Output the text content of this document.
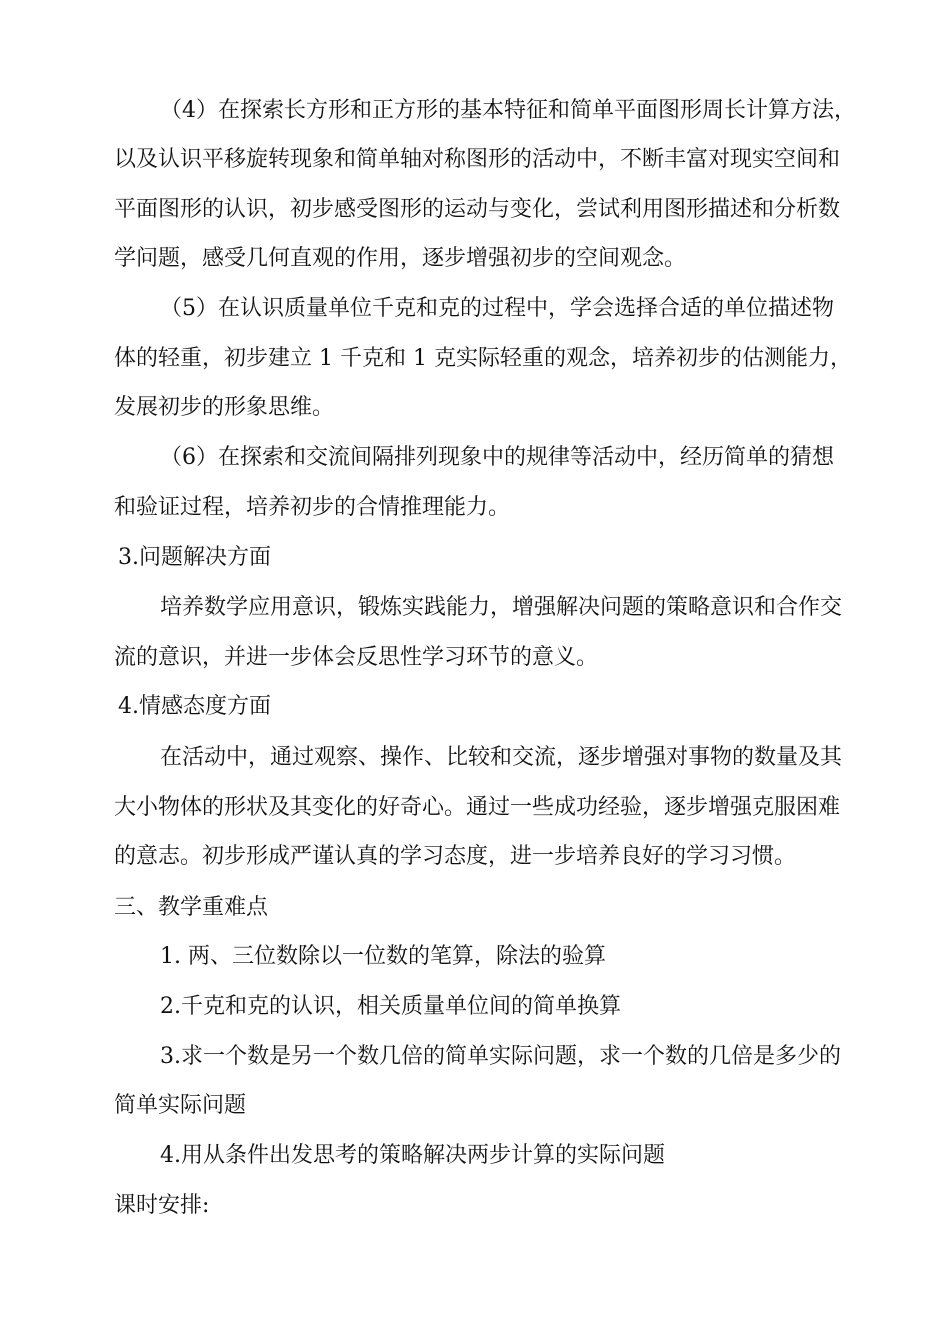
（4）在探索长方形和正方形的基本特征和简单平面图形周长计算方法，
以及认识平移旋转现象和简单轴对称图形的活动中，不断丰富对现实空间和
平面图形的认识，初步感受图形的运动与变化，尝试利用图形描述和分析数
学问题，感受几何直观的作用，逐步增强初步的空间观念。
（5）在认识质量单位千克和克的过程中，学会选择合适的单位描述物
体的轻重，初步建立 1 千克和 1 克实际轻重的观念，培养初步的估测能力，
发展初步的形象思维。
（6）在探索和交流间隔排列现象中的规律等活动中，经历简单的猜想
和验证过程，培养初步的合情推理能力。
3.问题解决方面
培养数学应用意识，锻炼实践能力，增强解决问题的策略意识和合作交
流的意识，并进一步体会反思性学习环节的意义。
4.情感态度方面
在活动中，通过观察、操作、比较和交流，逐步增强对事物的数量及其
大小物体的形状及其变化的好奇心。通过一些成功经验，逐步增强克服困难
的意志。初步形成严谨认真的学习态度，进一步培养良好的学习习惯。
三、教学重难点
1. 两、三位数除以一位数的笔算，除法的验算
2.千克和克的认识，相关质量单位间的简单换算
3.求一个数是另一个数几倍的简单实际问题，求一个数的几倍是多少的
简单实际问题
4.用从条件出发思考的策略解决两步计算的实际问题
课时安排:
